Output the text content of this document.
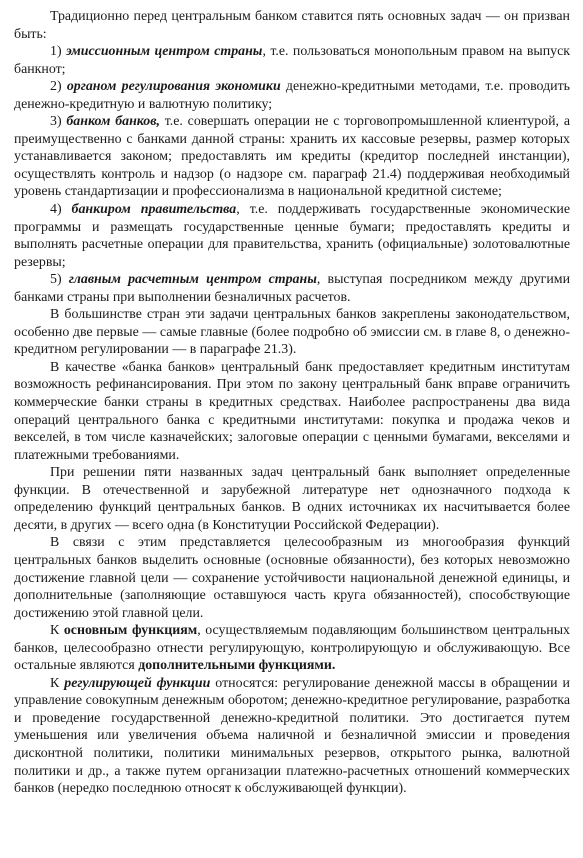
Традиционно перед центральным банком ставится пять основных задач — он призван быть:

1) эмиссионным центром страны, т.е. пользоваться монопольным правом на выпуск банкнот;

2) органом регулирования экономики денежно-кредитными методами, т.е. проводить денежно-кредитную и валютную политику;

3) банком банков, т.е. совершать операции не с торговопромышленной клиентурой, а преимущественно с банками данной страны: хранить их кассовые резервы, размер которых устанавливается законом; предоставлять им кредиты (кредитор последней инстанции), осуществлять контроль и надзор (о надзоре см. параграф 21.4) поддерживая необходимый уровень стандартизации и профессионализма в национальной кредитной системе;

4) банкиром правительства, т.е. поддерживать государственные экономические программы и размещать государственные ценные бумаги; предоставлять кредиты и выполнять расчетные операции для правительства, хранить (официальные) золотовалютные резервы;

5) главным расчетным центром страны, выступая посредником между другими банками страны при выполнении безналичных расчетов.

В большинстве стран эти задачи центральных банков закреплены законодательством, особенно две первые — самые главные (более подробно об эмиссии см. в главе 8, о денежно-кредитном регулировании — в параграфе 21.3).

В качестве «банка банков» центральный банк предоставляет кредитным институтам возможность рефинансирования. При этом по закону центральный банк вправе ограничить коммерческие банки страны в кредитных средствах. Наиболее распространены два вида операций центрального банка с кредитными институтами: покупка и продажа чеков и векселей, в том числе казначейских; залоговые операции с ценными бумагами, векселями и платежными требованиями.

При решении пяти названных задач центральный банк выполняет определенные функции. В отечественной и зарубежной литературе нет однозначного подхода к определению функций центральных банков. В одних источниках их насчитывается более десяти, в других — всего одна (в Конституции Российской Федерации).

В связи с этим представляется целесообразным из многообразия функций центральных банков выделить основные (основные обязанности), без которых невозможно достижение главной цели — сохранение устойчивости национальной денежной единицы, и дополнительные (заполняющие оставшуюся часть круга обязанностей), способствующие достижению этой главной цели.

К основным функциям, осуществляемым подавляющим большинством центральных банков, целесообразно отнести регулирующую, контролирующую и обслуживающую. Все остальные являются дополнительными функциями.

К регулирующей функции относятся: регулирование денежной массы в обращении и управление совокупным денежным оборотом; денежно-кредитное регулирование, разработка и проведение государственной денежно-кредитной политики. Это достигается путем уменьшения или увеличения объема наличной и безналичной эмиссии и проведения дисконтной политики, политики минимальных резервов, открытого рынка, валютной политики и др., а также путем организации платежно-расчетных отношений коммерческих банков (нередко последнюю относят к обслуживающей функции).
